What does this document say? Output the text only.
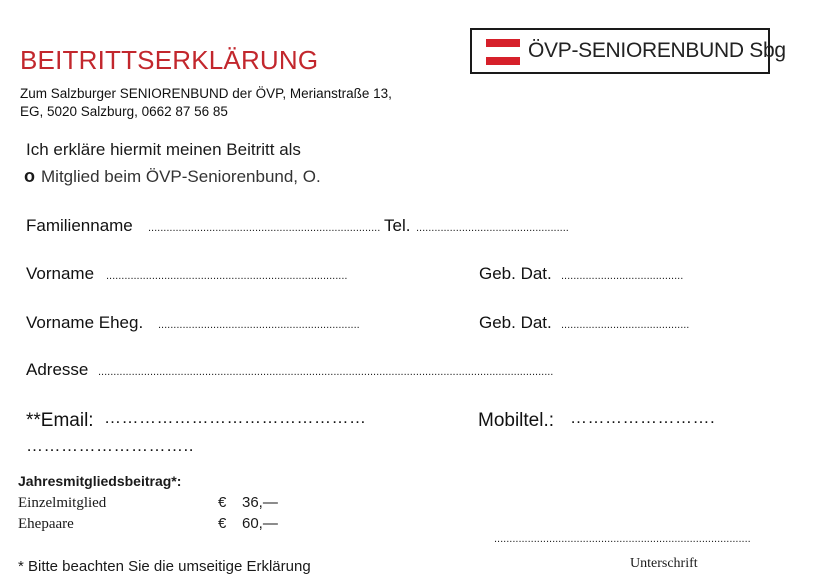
BEITRITTSERKLÄRUNG
Zum Salzburger SENIORENBUND der ÖVP, Merianstraße 13,
EG, 5020 Salzburg, 0662 87 56 85
ÖVP-SENIORENBUND Sbg
Ich erkläre hiermit meinen Beitritt als
o Mitglied beim ÖVP-Seniorenbund, O.
Familienname ............................................................................ Tel. ..................................................
Vorname ...............................................................................	Geb. Dat. ........................................
Vorname Eheg. ..................................................................	Geb. Dat. ..........................................
Adresse .....................................................................................................................................................
**Email: ………………………………………	Mobiltel.: …………………….
………………………..
Jahresmitgliedsbeitrag*:
Einzelmitglied	€ 36,—
Ehepaare	€ 60,—
* Bitte beachten Sie die umseitige Erklärung
....................................................................................
Unterschrift
